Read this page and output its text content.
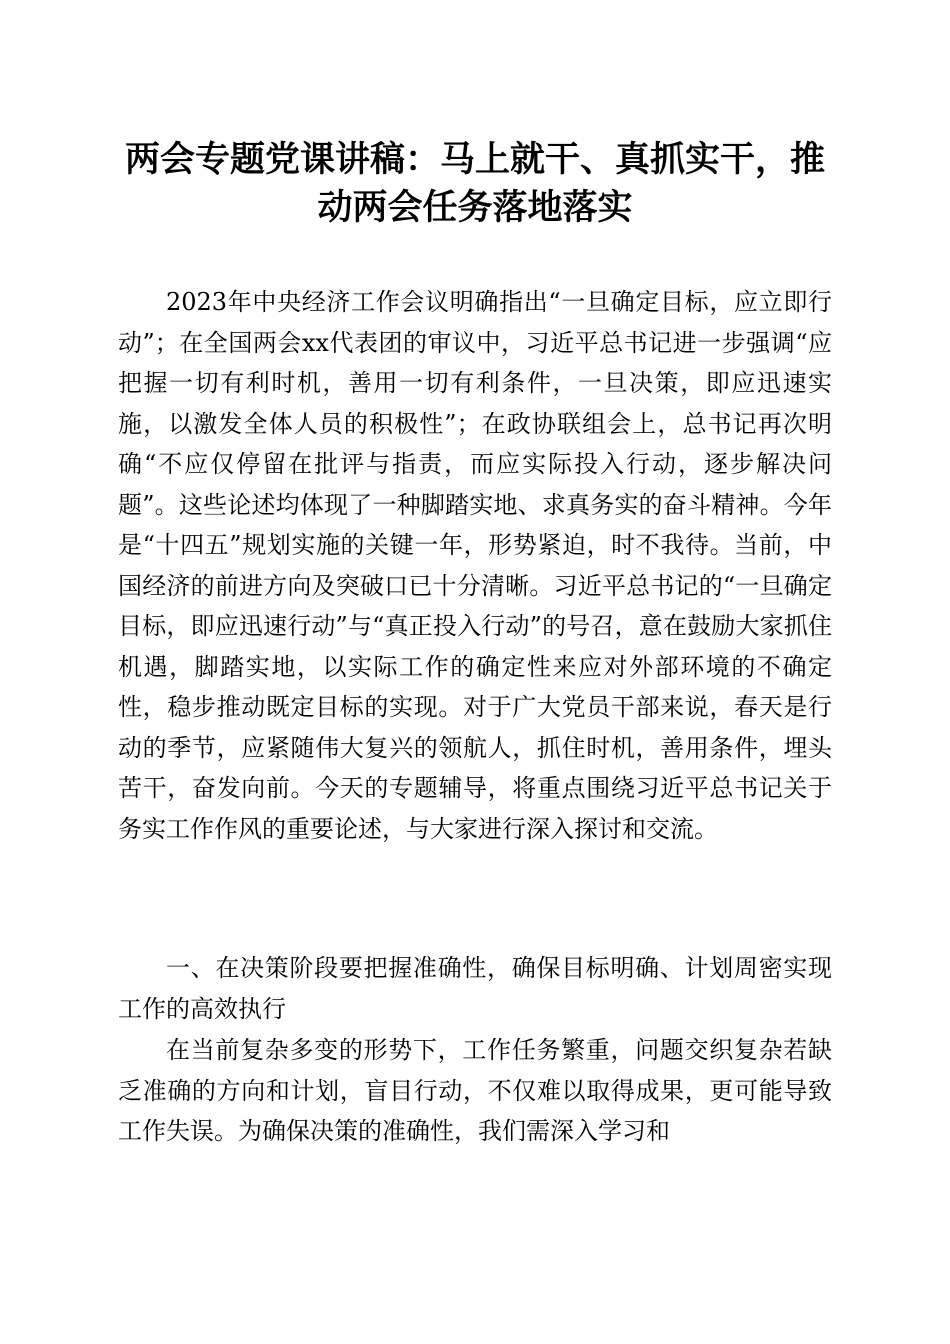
两会专题党课讲稿：马上就干、真抓实干，推动两会任务落地落实

2023年中央经济工作会议明确指出“一旦确定目标，应立即行动”；在全国两会xx代表团的审议中，习近平总书记进一步强调“应把握一切有利时机，善用一切有利条件，一旦决策，即应迅速实施，以激发全体人员的积极性”；在政协联组会上，总书记再次明确“不应仅停留在批评与指责，而应实际投入行动，逐步解决问题”。这些论述均体现了一种脚踏实地、求真务实的奋斗精神。今年是“十四五”规划实施的关键一年，形势紧迫，时不我待。当前，中国经济的前进方向及突破口已十分清晰。习近平总书记的“一旦确定目标，即应迅速行动”与“真正投入行动”的号召，意在鼓励大家抓住机遇，脚踏实地，以实际工作的确定性来应对外部环境的不确定性，稳步推动既定目标的实现。对于广大党员干部来说，春天是行动的季节，应紧随伟大复兴的领航人，抓住时机，善用条件，埋头苦干，奋发向前。今天的专题辅导，将重点围绕习近平总书记关于务实工作作风的重要论述，与大家进行深入探讨和交流。

一、在决策阶段要把握准确性，确保目标明确、计划周密实现工作的高效执行

在当前复杂多变的形势下，工作任务繁重，问题交织复杂若缺乏准确的方向和计划，盲目行动，不仅难以取得成果，更可能导致工作失误。为确保决策的准确性，我们需深入学习和
